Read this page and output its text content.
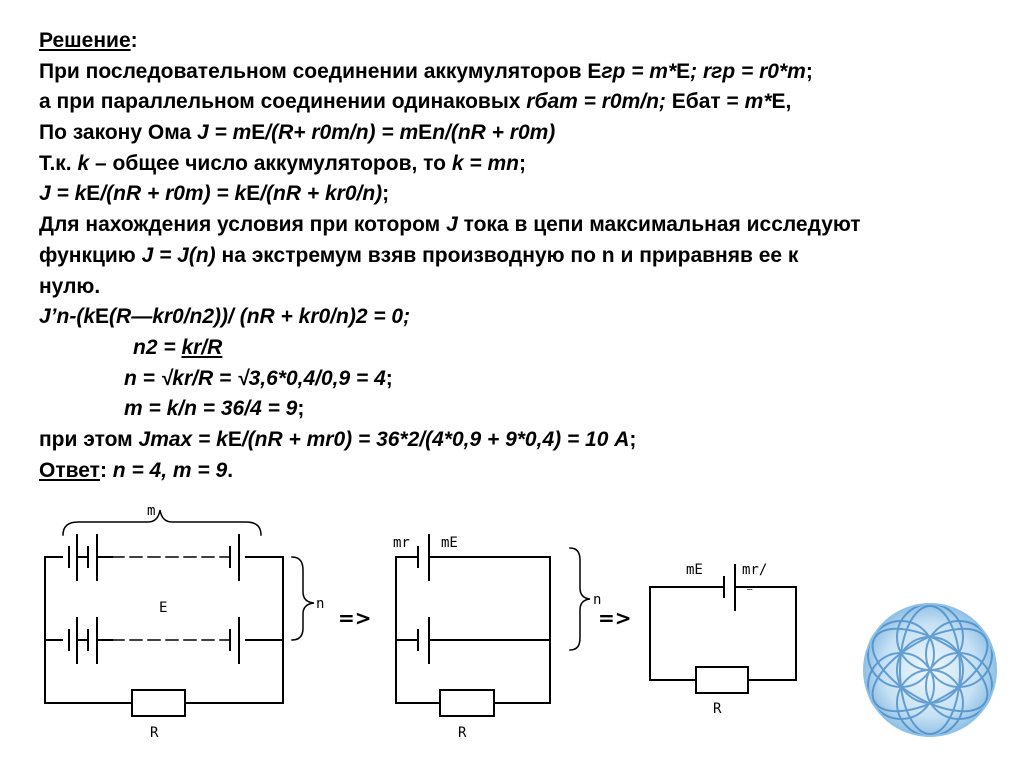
Решение:
При последовательном соединении аккумуляторов Егр = m*Е; rгр = r0*m;
а при параллельном соединении одинаковых rбат = r0m/n; Ебат = m*Е,
По закону Ома J = mЕ/(R+ r0m/n) = mЕn/(nR + r0m)
Т.к. k – общее число аккумуляторов, то k = mn;
J = kЕ/(nR + r0m) = kЕ/(nR + kr0/n);
Для нахождения условия при котором J тока в цепи максимальная исследуют
функцию J = J(n) на экстремум взяв производную по n и приравняв ее к
нулю.
J’n-(kЕ(R—kr0/n2))/ (nR + kr0/n)2 = 0;
n2 = kr/R
n = √kr/R = √3,6*0,4/0,9 = 4;
m = k/n = 36/4 = 9;
при этом Jmax = kЕ/(nR + mr0) = 36*2/(4*0,9 + 9*0,4) = 10 А;
Ответ: n = 4, m = 9.
m
E	n
R
=>
mr mE
n
R
=>
mE	mr/
—
R
